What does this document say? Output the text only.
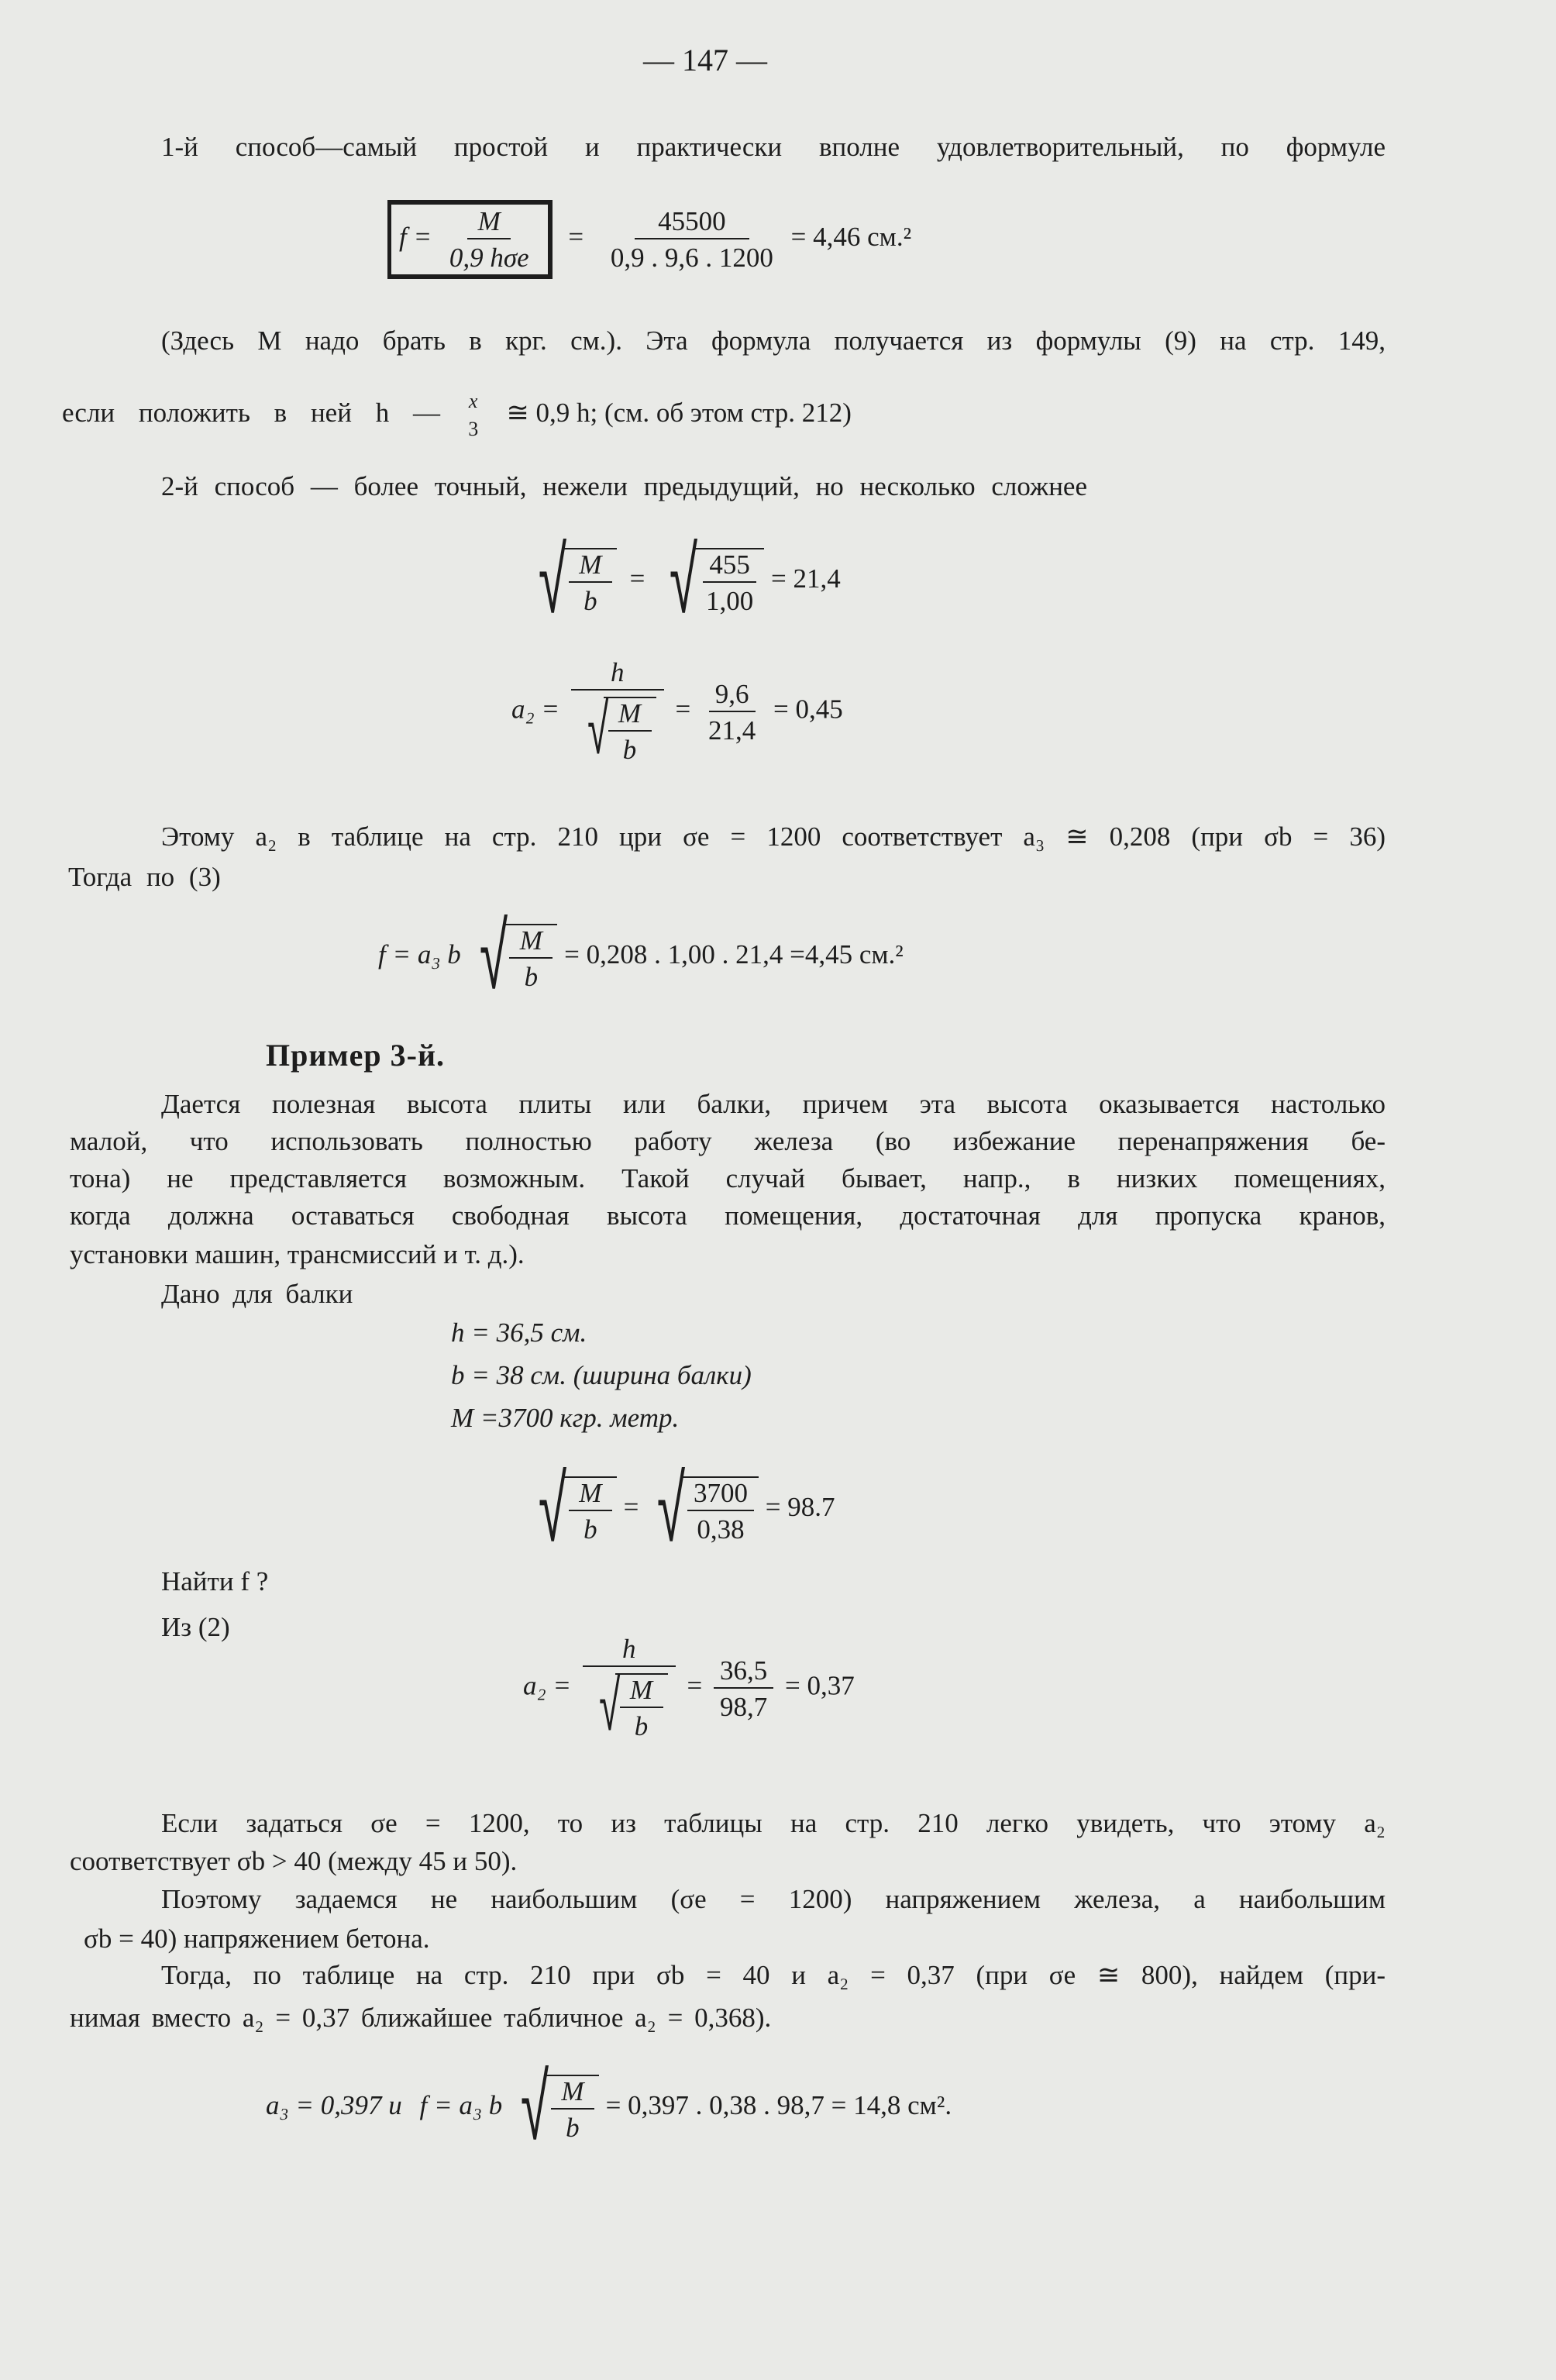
— 147 —
1-й способ—самый простой и практически вполне удовлетворительный, по формуле
$f = \frac{M}{\text{0,9 hσe}} = \frac{45500}{0,9 . 9,6 . 1200} = 4,46$ см.²
(Здесь M надо брать в крг. см.). Эта формула получается из формулы (9) на стр. 149,
если положить в ней h —	x
3
≅ 0,9 h; (см. об этом стр. 212)
2-й способ — более точный, нежели предыдущий, но несколько сложнее
√ $\frac{M}{b}$ = √ $\frac{455}{1,00} = 21,4$
$a_2 = \frac{h}{√ \frac{M}{b}} = \frac{9,6}{21,4} = 0,45$
Этому a₂ в таблице на стр. 210 цри σe = 1200 соответствует a₃ ≅ 0,208 (при σb = 36)
Тогда по (3)
f = a₃ b √ $\frac{M}{b} = 0,208$ . 1,00 . 21,4 =4,45 см.²
Пример 3-й.
Дается полезная высота плиты или балки, причем эта высота оказывается настолько
малой, что использовать полностью работу железа (во избежание перенапряжения бе-
тона) не представляется возможным. Такой случай бывает, напр., в низких помещениях,
когда должна оставаться свободная высота помещения, достаточная для пропуска кранов,
установки машин, трансмиссий и т. д.).
Дано для балки
h = 36,5 см.
b = 38 см. (ширина балки)
M =3700 кгр. метр.
√ $\frac{M}{b}$ = √ $\frac{3700}{0,38} = 98.7$
Найти f ?
Из (2)
$a_2 = \frac{h}{√ \frac{M}{b}} = \frac{36,5}{98,7} = 0,37$
Если задаться σe = 1200, то из таблицы на стр. 210 легко увидеть, что этому a₂
соответствует σb > 40 (между 45 и 50).
Поэтому задаемся не наибольшим (σe = 1200) напряжением железа, а наибольшим
σb = 40) напряжением бетона.
Тогда, по таблице на стр. 210 при σb = 40 и a₂ = 0,37 (при σe ≅ 800), найдем (при-
нимая вместо a₂ = 0,37 ближайшее табличное a₂ = 0,368).
a₃ = 0,397 и f = a₃ b √ $\frac{M}{b} = 0,397$ . 0,38 . 98,7 = 14,8 см².
